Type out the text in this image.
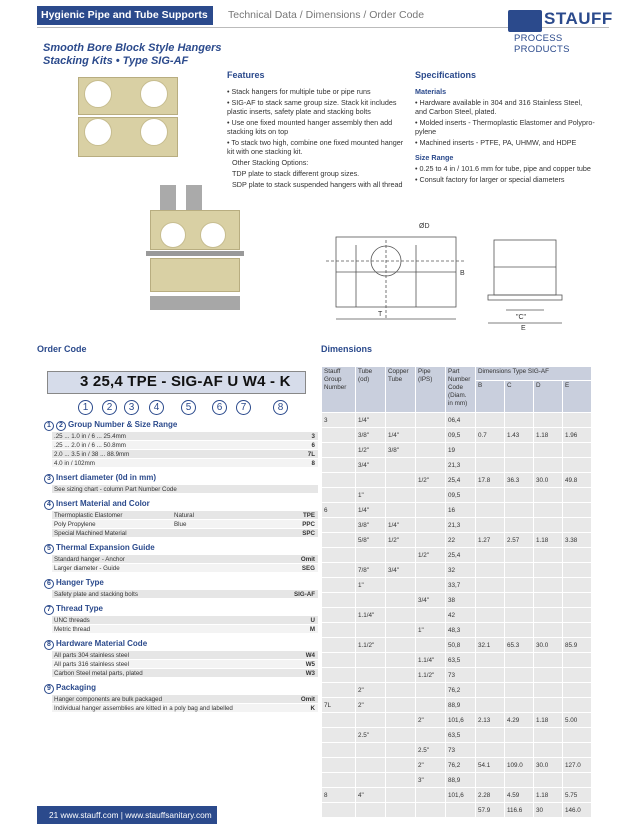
Hygienic Pipe and Tube Supports	Technical Data / Dimensions / Order Code	STAUFF
PROCESS PRODUCTS
Smooth Bore Block Style Hangers
Stacking Kits • Type SIG-AF
Features
• Stack hangers for multiple tube or pipe runs
• SIG-AF to stack same group size. Stack kit includes plastic inserts, safety plate and stacking bolts
• Use one fixed mounted hanger assembly then add stacking kits on top
• To stack two high, combine one fixed mounted hanger kit with one stacking kit.
Other Stacking Options:
TDP plate to stack different group sizes.
SDP plate to stack suspended hangers with all thread
Specifications
Materials
• Hardware available in 304 and 316 Stainless Steel, and Carbon Steel, plated.
• Molded inserts - Thermoplastic Elastomer and Polypro-pylene
• Machined inserts - PTFE, PA, UHMW, and HDPE
Size Range
• 0.25 to 4 in / 101.6 mm for tube, pipe and copper tube
• Consult factory for larger or special diameters
ØD
B
T	"C"
E
Order Code	Dimensions
3 25,4 TPE - SIG-AF U W4 - K
1	2	3	4	5	6	7	8
1 2 Group Number & Size Range
.25 ... 1.0 in / 6 ... 25.4mm	3
.25 ... 2.0 in / 6 ... 50.8mm	6
2.0 ... 3.5 in / 38 ... 88.9mm	7L
4.0 in / 102mm	8
3 Insert diameter (0d in mm)
See sizing chart - column Part Number Code
4 Insert Material and Color
Thermoplastic Elastomer	Natural	TPE
Poly Propylene	Blue	PPC
Special Machined Material	SPC
5 Thermal Expansion Guide
Standard hanger - Anchor	Omit
Larger diameter - Guide	SEG
6 Hanger Type
Safety plate and stacking bolts	SIG-AF
7 Thread Type
UNC threads	U
Metric thread	M
8 Hardware Material Code
All parts 304 stainless steel	W4
All parts 316 stainless steel	W5
Carbon Steel metal parts, plated	W3
9 Packaging
Hanger components are bulk packaged	Omit
Individual hanger assemblies are kitted in a poly bag and labelled	K
Stauff Group Number	Tube (od)	Copper Tube	Pipe (IPS)	Part Number Code (Diam. in mm)	Dimensions Type SIG-AF			
					B	C	D	E
3	1/4"			06,4				
	3/8"	1/4"		09,5	0.7	1.43	1.18	1.96
	1/2"	3/8"		19				
	3/4"			21,3				
			1/2"	25,4	17.8	36.3	30.0	49.8
	1"			09,5				
6	1/4"			16				
	3/8"	1/4"		21,3				
	5/8"	1/2"		22	1.27	2.57	1.18	3.38
			1/2"	25,4				
	7/8"	3/4"		32				
	1"			33,7				
			3/4"	38				
	1.1/4"			42				
			1"	48,3				
	1.1/2"			50,8	32.1	65.3	30.0	85.9
			1.1/4"	63,5				
			1.1/2"	73				
	2"			76,2				
7L	2"			88,9				
			2"	101,6	2.13	4.29	1.18	5.00
	2.5"			63,5				
			2.5"	73				
			2"	76,2	54.1	109.0	30.0	127.0
			3"	88,9				
8	4"			101,6	2.28	4.59	1.18	5.75
					57.9	116.6	30	146.0
21 www.stauff.com | www.stauffsanitary.com
